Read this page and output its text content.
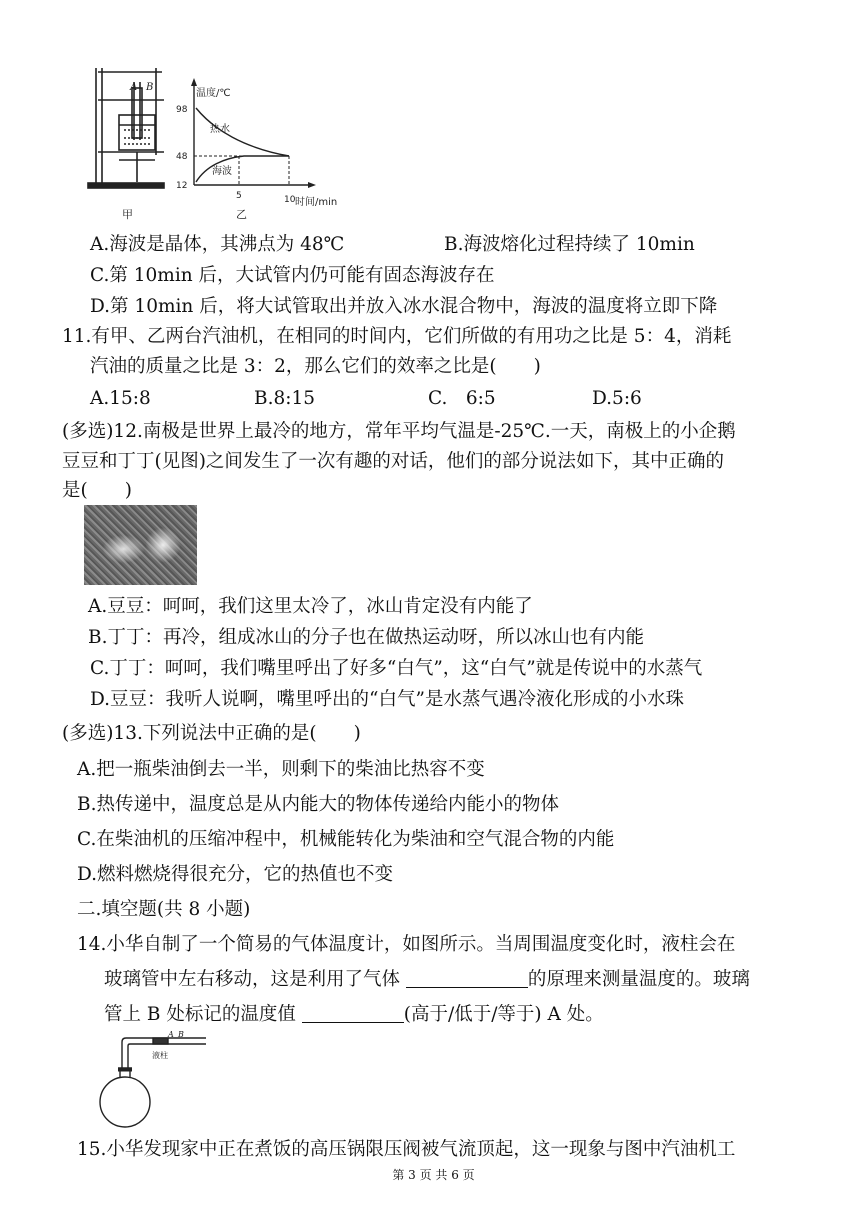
A B
甲
温度/℃
98
48
12
5	10 时间/min
热水
海波
乙
A.海波是晶体，其沸点为 48℃	B.海波熔化过程持续了 10min
C.第 10min 后，大试管内仍可能有固态海波存在
D.第 10min 后，将大试管取出并放入冰水混合物中，海波的温度将立即下降
11.有甲、乙两台汽油机，在相同的时间内，它们所做的有用功之比是 5：4，消耗
汽油的质量之比是 3：2，那么它们的效率之比是(　　)
A.15:8	B.8:15	C.　6:5	D.5:6
(多选)12.南极是世界上最冷的地方，常年平均气温是-25℃.一天，南极上的小企鹅
豆豆和丁丁(见图)之间发生了一次有趣的对话，他们的部分说法如下，其中正确的
是(　　)
A.豆豆：呵呵，我们这里太冷了，冰山肯定没有内能了
B.丁丁：再冷，组成冰山的分子也在做热运动呀，所以冰山也有内能
C.丁丁：呵呵，我们嘴里呼出了好多“白气”，这“白气”就是传说中的水蒸气
D.豆豆：我听人说啊，嘴里呼出的“白气”是水蒸气遇冷液化形成的小水珠
(多选)13.下列说法中正确的是(　　)
A.把一瓶柴油倒去一半，则剩下的柴油比热容不变
B.热传递中，温度总是从内能大的物体传递给内能小的物体
C.在柴油机的压缩冲程中，机械能转化为柴油和空气混合物的内能
D.燃料燃烧得很充分，它的热值也不变
二.填空题(共 8 小题)
14.小华自制了一个简易的气体温度计，如图所示。当周围温度变化时，液柱会在
玻璃管中左右移动，这是利用了气体	的原理来测量温度的。玻璃
管上 B 处标记的温度值	(高于/低于/等于) A 处。
A B
液柱
15.小华发现家中正在煮饭的高压锅限压阀被气流顶起，这一现象与图中汽油机工
第 3 页 共 6 页
